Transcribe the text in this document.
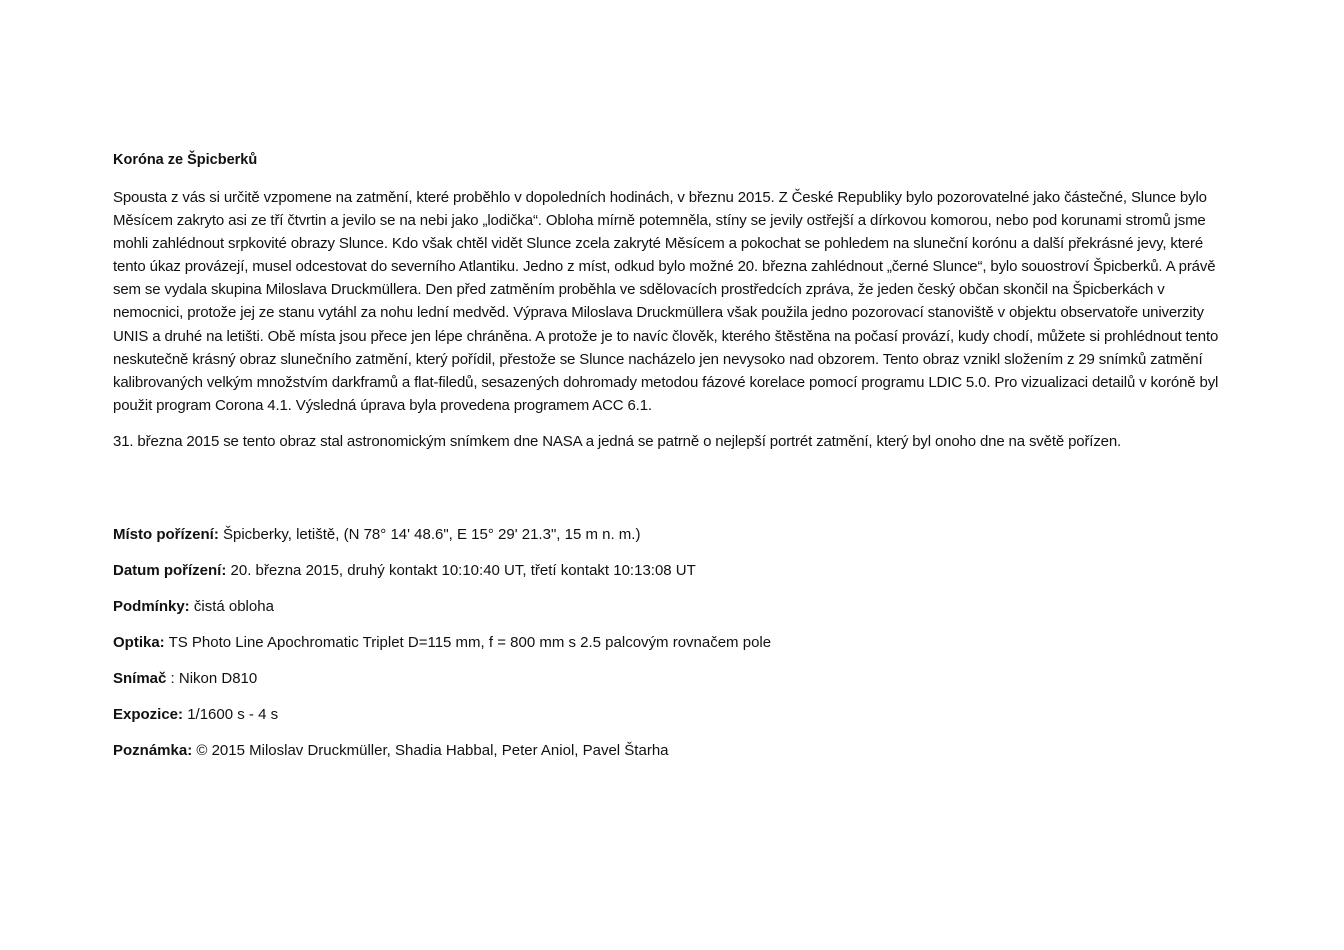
Koróna ze Špicberků

Spousta z vás si určitě vzpomene na zatmění, které proběhlo v dopoledních hodinách, v březnu 2015. Z České Republiky bylo pozorovatelné jako částečné, Slunce bylo Měsícem zakryto asi ze tří čtvrtin a jevilo se na nebi jako „lodička“. Obloha mírně potemněla, stíny se jevily ostřejší a dírkovou komorou, nebo pod korunami stromů jsme mohli zahlédnout srpkovité obrazy Slunce. Kdo však chtěl vidět Slunce zcela zakryté Měsícem a pokochat se pohledem na sluneční korónu a další překrásné jevy, které tento úkaz provázejí, musel odcestovat do severního Atlantiku. Jedno z míst, odkud bylo možné 20. března zahlédnout „černé Slunce“, bylo souostroví Špicberků. A právě sem se vydala skupina Miloslava Druckmüllera. Den před zatměním proběhla ve sdělovacích prostředcích zpráva, že jeden český občan skončil na Špicberkách v nemocnici, protože jej ze stanu vytáhl za nohu lední medvěd. Výprava Miloslava Druckmüllera však použila jedno pozorovací stanoviště v objektu observatoře univerzity UNIS a druhé na letišti. Obě místa jsou přece jen lépe chráněna. A protože je to navíc člověk, kterého štěstěna na počasí provází, kudy chodí, můžete si prohlédnout tento neskutečně krásný obraz slunečního zatmění, který pořídil, přestože se Slunce nacházelo jen nevysoko nad obzorem. Tento obraz vznikl složením z 29 snímků zatmění kalibrovaných velkým množstvím darkframů a flat-filedů, sesazených dohromady metodou fázové korelace pomocí programu LDIC 5.0. Pro vizualizaci detailů v koróně byl použit program Corona 4.1. Výsledná úprava byla provedena programem ACC 6.1.

31. března 2015 se tento obraz stal astronomickým snímkem dne NASA a jedná se patrně o nejlepší portrét zatmění, který byl onoho dne na světě pořízen.

Místo pořízení: Špicberky, letiště, (N 78° 14' 48.6", E 15° 29' 21.3", 15 m n. m.)
Datum pořízení: 20. března 2015, druhý kontakt 10:10:40 UT, třetí kontakt 10:13:08 UT
Podmínky: čistá obloha
Optika: TS Photo Line Apochromatic Triplet D=115 mm, f = 800 mm s 2.5 palcovým rovnačem pole
Snímač : Nikon D810
Expozice: 1/1600 s - 4 s
Poznámka: © 2015 Miloslav Druckmüller, Shadia Habbal, Peter Aniol, Pavel Štarha
